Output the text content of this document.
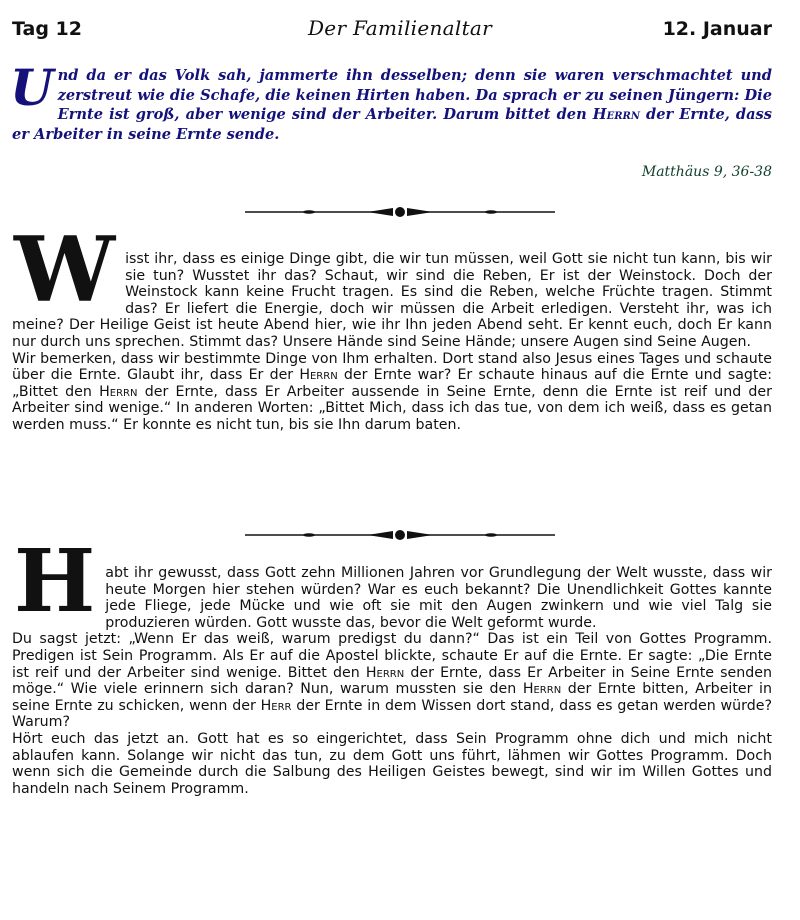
Tag 12	Der Familienaltar	12. Januar
Und da er das Volk sah, jammerte ihn desselben; denn sie waren verschmachtet und zerstreut wie die Schafe, die keinen Hirten haben. Da sprach er zu seinen Jüngern: Die Ernte ist groß, aber wenige sind der Arbeiter. Darum bittet den Herrn der Ernte, dass er Arbeiter in seine Ernte sende.
Matthäus 9, 36-38
W isst ihr, dass es einige Dinge gibt, die wir tun müssen, weil Gott sie nicht tun kann, bis wir sie tun? Wusstet ihr das? Schaut, wir sind die Reben, Er ist der Weinstock. Doch der Weinstock kann keine Frucht tragen. Es sind die Reben, welche Früchte tragen. Stimmt das? Er liefert die Energie, doch wir müssen die Arbeit erledigen. Versteht ihr, was ich meine? Der Heilige Geist ist heute Abend hier, wie ihr Ihn jeden Abend seht. Er kennt euch, doch Er kann nur durch uns sprechen. Stimmt das? Unsere Hände sind Seine Hände; unsere Augen sind Seine Augen.

Wir bemerken, dass wir bestimmte Dinge von Ihm erhalten. Dort stand also Jesus eines Tages und schaute über die Ernte. Glaubt ihr, dass Er der Herrn der Ernte war? Er schaute hinaus auf die Ernte und sagte: „Bittet den Herrn der Ernte, dass Er Arbeiter aussende in Seine Ernte, denn die Ernte ist reif und der Arbeiter sind wenige.“ In anderen Worten: „Bittet Mich, dass ich das tue, von dem ich weiß, dass es getan werden muss.“ Er konnte es nicht tun, bis sie Ihn darum baten.

H abt ihr gewusst, dass Gott zehn Millionen Jahren vor Grundlegung der Welt wusste, dass wir heute Morgen hier stehen würden? War es euch bekannt? Die Unendlichkeit Gottes kannte jede Fliege, jede Mücke und wie oft sie mit den Augen zwinkern und wie viel Talg sie produzieren würden. Gott wusste das, bevor die Welt geformt wurde.

Du sagst jetzt: „Wenn Er das weiß, warum predigst du dann?“ Das ist ein Teil von Gottes Programm. Predigen ist Sein Programm. Als Er auf die Apostel blickte, schaute Er auf die Ernte. Er sagte: „Die Ernte ist reif und der Arbeiter sind wenige. Bittet den Herrn der Ernte, dass Er Arbeiter in Seine Ernte senden möge.“ Wie viele erinnern sich daran? Nun, warum mussten sie den Herrn der Ernte bitten, Arbeiter in seine Ernte zu schicken, wenn der Herr der Ernte in dem Wissen dort stand, dass es getan werden würde? Warum?

Hört euch das jetzt an. Gott hat es so eingerichtet, dass Sein Programm ohne dich und mich nicht ablaufen kann. Solange wir nicht das tun, zu dem Gott uns führt, lähmen wir Gottes Programm. Doch wenn sich die Gemeinde durch die Salbung des Heiligen Geistes bewegt, sind wir im Willen Gottes und handeln nach Seinem Programm.
